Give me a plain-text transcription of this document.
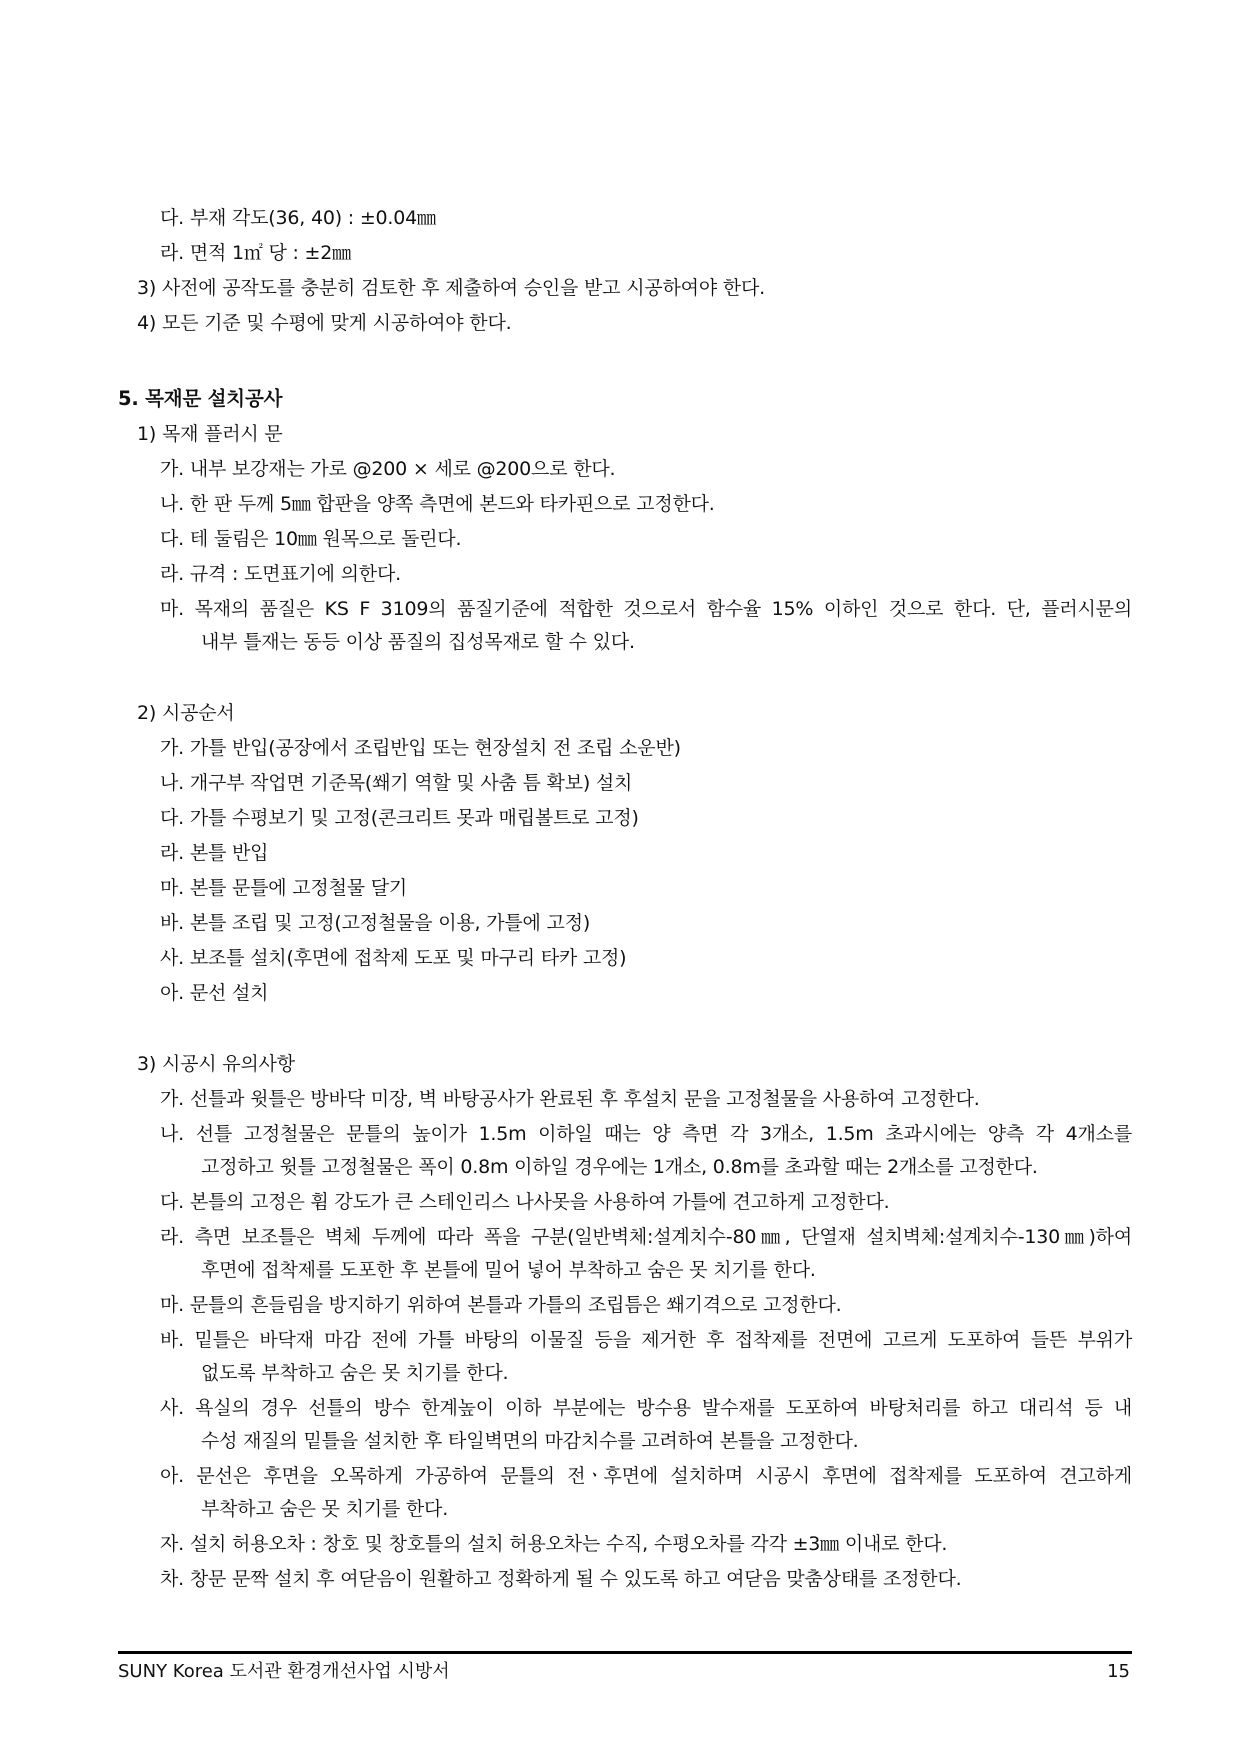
다. 부재 각도(36, 40) : ±0.04㎜
라. 면적 1㎡ 당 : ±2㎜
3) 사전에 공작도를 충분히 검토한 후 제출하여 승인을 받고 시공하여야 한다.
4) 모든 기준 및 수평에 맞게 시공하여야 한다.
5. 목재문 설치공사
1) 목재 플러시 문
가. 내부 보강재는 가로 @200 × 세로 @200으로 한다.
나. 한 판 두께 5㎜ 합판을 양쪽 측면에 본드와 타카핀으로 고정한다.
다. 테 둘림은 10㎜ 원목으로 돌린다.
라. 규격 : 도면표기에 의한다.
마. 목재의 품질은 KS F 3109의 품질기준에 적합한 것으로서 함수율 15% 이하인 것으로 한다. 단, 플러시문의
내부 틀재는 동등 이상 품질의 집성목재로 할 수 있다.
2) 시공순서
가. 가틀 반입(공장에서 조립반입 또는 현장설치 전 조립 소운반)
나. 개구부 작업면 기준목(쐐기 역할 및 사춤 틈 확보) 설치
다. 가틀 수평보기 및 고정(콘크리트 못과 매립볼트로 고정)
라. 본틀 반입
마. 본틀 문틀에 고정철물 달기
바. 본틀 조립 및 고정(고정철물을 이용, 가틀에 고정)
사. 보조틀 설치(후면에 접착제 도포 및 마구리 타카 고정)
아. 문선 설치
3) 시공시 유의사항
가. 선틀과 윗틀은 방바닥 미장, 벽 바탕공사가 완료된 후 후설치 문을 고정철물을 사용하여 고정한다.
나. 선틀 고정철물은 문틀의 높이가 1.5m 이하일 때는 양 측면 각 3개소, 1.5m 초과시에는 양측 각 4개소를
고정하고 윗틀 고정철물은 폭이 0.8m 이하일 경우에는 1개소, 0.8m를 초과할 때는 2개소를 고정한다.
다. 본틀의 고정은 휨 강도가 큰 스테인리스 나사못을 사용하여 가틀에 견고하게 고정한다.
라. 측면 보조틀은 벽체 두께에 따라 폭을 구분(일반벽체:설계치수-80㎜, 단열재 설치벽체:설계치수-130㎜)하여
후면에 접착제를 도포한 후 본틀에 밀어 넣어 부착하고 숨은 못 치기를 한다.
마. 문틀의 흔들림을 방지하기 위하여 본틀과 가틀의 조립틈은 쐐기격으로 고정한다.
바. 밑틀은 바닥재 마감 전에 가틀 바탕의 이물질 등을 제거한 후 접착제를 전면에 고르게 도포하여 들뜬 부위가
없도록 부착하고 숨은 못 치기를 한다.
사. 욕실의 경우 선틀의 방수 한계높이 이하 부분에는 방수용 발수재를 도포하여 바탕처리를 하고 대리석 등 내
수성 재질의 밑틀을 설치한 후 타일벽면의 마감치수를 고려하여 본틀을 고정한다.
아. 문선은 후면을 오목하게 가공하여 문틀의 전ㆍ후면에 설치하며 시공시 후면에 접착제를 도포하여 견고하게
부착하고 숨은 못 치기를 한다.
자. 설치 허용오차 : 창호 및 창호틀의 설치 허용오차는 수직, 수평오차를 각각 ±3㎜ 이내로 한다.
차. 창문 문짝 설치 후 여닫음이 원활하고 정확하게 될 수 있도록 하고 여닫음 맞춤상태를 조정한다.
SUNY Korea 도서관 환경개선사업 시방서	15
